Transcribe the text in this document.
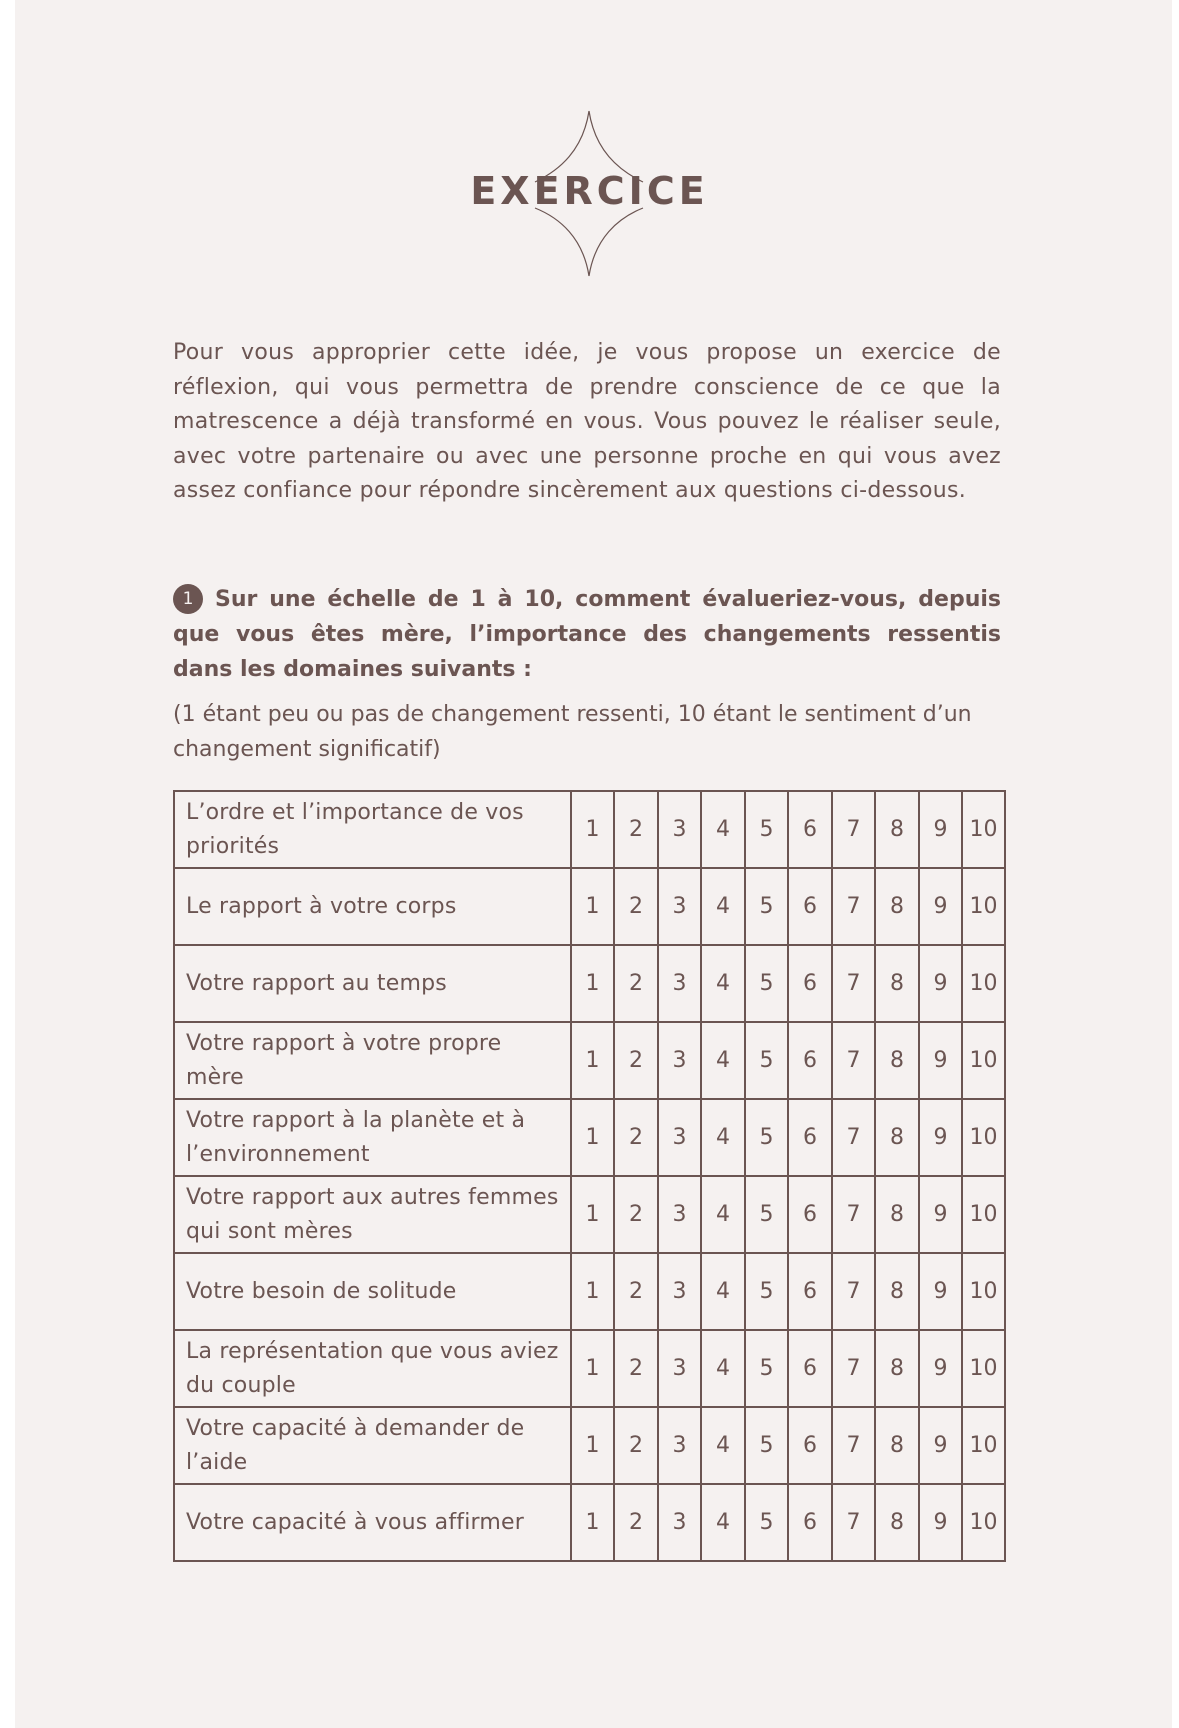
EXERCICE

Pour vous approprier cette idée, je vous propose un exercice de réflexion, qui vous permettra de prendre conscience de ce que la matrescence a déjà transformé en vous. Vous pouvez le réaliser seule, avec votre partenaire ou avec une personne proche en qui vous avez assez confiance pour répondre sincèrement aux questions ci-dessous.

1 Sur une échelle de 1 à 10, comment évalueriez-vous, depuis que vous êtes mère, l’importance des changements ressentis dans les domaines suivants :
(1 étant peu ou pas de changement ressenti, 10 étant le sentiment d’un changement significatif)
L’ordre et l’importance de vos priorités	1	2	3	4	5	6	7	8	9	10
Le rapport à votre corps	1	2	3	4	5	6	7	8	9	10
Votre rapport au temps	1	2	3	4	5	6	7	8	9	10
Votre rapport à votre propre mère	1	2	3	4	5	6	7	8	9	10
Votre rapport à la planète et à l’environnement	1	2	3	4	5	6	7	8	9	10
Votre rapport aux autres femmes qui sont mères	1	2	3	4	5	6	7	8	9	10
Votre besoin de solitude	1	2	3	4	5	6	7	8	9	10
La représentation que vous aviez du couple	1	2	3	4	5	6	7	8	9	10
Votre capacité à demander de l’aide	1	2	3	4	5	6	7	8	9	10
Votre capacité à vous affirmer	1	2	3	4	5	6	7	8	9	10
